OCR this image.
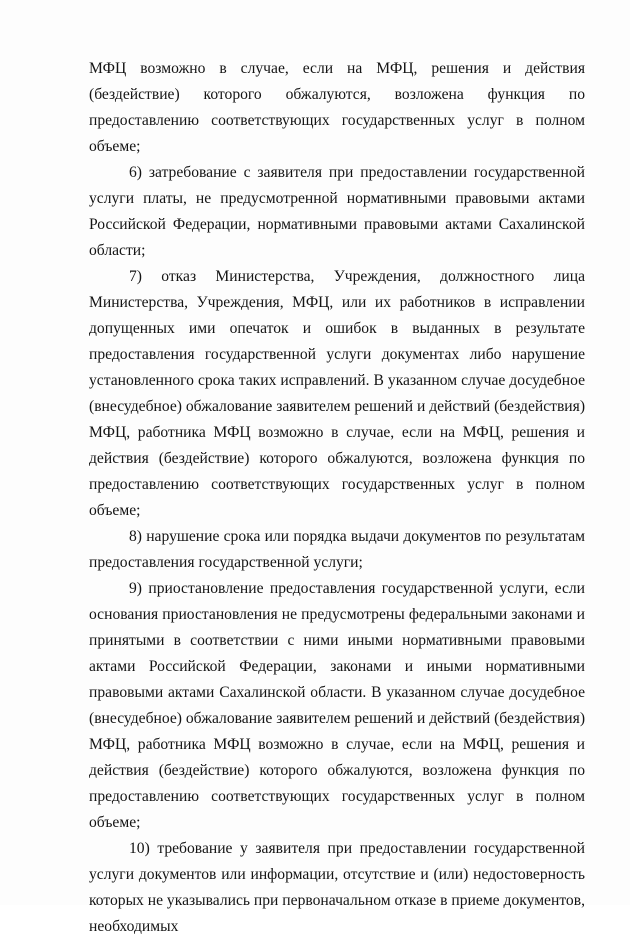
МФЦ возможно в случае, если на МФЦ, решения и действия (бездействие) которого обжалуются, возложена функция по предоставлению соответствующих государственных услуг в полном объеме;

6) затребование с заявителя при предоставлении государственной услуги платы, не предусмотренной нормативными правовыми актами Российской Федерации, нормативными правовыми актами Сахалинской области;

7) отказ Министерства, Учреждения, должностного лица Министерства, Учреждения, МФЦ, или их работников в исправлении допущенных ими опечаток и ошибок в выданных в результате предоставления государственной услуги документах либо нарушение установленного срока таких исправлений. В указанном случае досудебное (внесудебное) обжалование заявителем решений и действий (бездействия) МФЦ, работника МФЦ возможно в случае, если на МФЦ, решения и действия (бездействие) которого обжалуются, возложена функция по предоставлению соответствующих государственных услуг в полном объеме;

8) нарушение срока или порядка выдачи документов по результатам предоставления государственной услуги;

9) приостановление предоставления государственной услуги, если основания приостановления не предусмотрены федеральными законами и принятыми в соответствии с ними иными нормативными правовыми актами Российской Федерации, законами и иными нормативными правовыми актами Сахалинской области. В указанном случае досудебное (внесудебное) обжалование заявителем решений и действий (бездействия) МФЦ, работника МФЦ возможно в случае, если на МФЦ, решения и действия (бездействие) которого обжалуются, возложена функция по предоставлению соответствующих государственных услуг в полном объеме;

10) требование у заявителя при предоставлении государственной услуги документов или информации, отсутствие и (или) недостоверность которых не указывались при первоначальном отказе в приеме документов, необходимых
